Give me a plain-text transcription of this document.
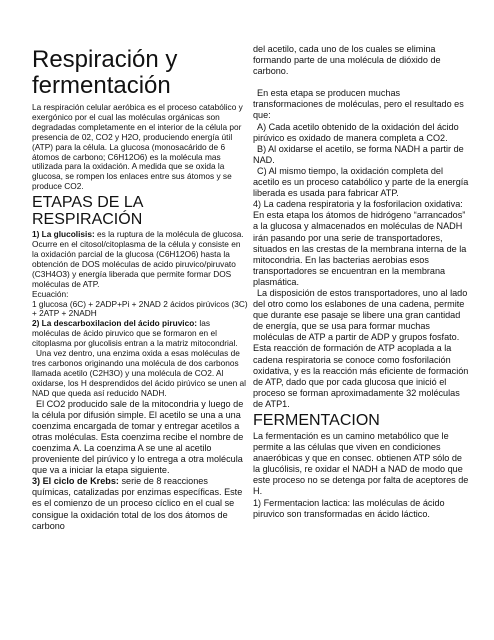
Respiración y fermentación

La respiración celular aeróbica es el proceso catabólico y exergónico por el cual las moléculas orgánicas son degradadas completamente en el interior de la célula por presencia de 02, CO2 y H2O, produciendo energía útil (ATP) para la célula. La glucosa (monosacárido de 6 átomos de carbono; C6H12O6) es la molécula mas utilizada para la oxidación. A medida que se oxida la glucosa, se rompen los enlaces entre sus átomos y se produce CO2.

ETAPAS DE LA RESPIRACIÓN

1) La glucolisis: es la ruptura de la molécula de glucosa. Ocurre en el citosol/citoplasma de la célula y consiste en la oxidación parcial de la glucosa (C6H12O6) hasta la obtención de DOS moléculas de acido piruvico/piruvato (C3H4O3) y energía liberada que permite formar DOS moléculas de ATP.

Ecuación:

1 glucosa (6C) + 2ADP+Pi + 2NAD 2 ácidos pirúvicos (3C) + 2ATP + 2NADH

2) La descarboxilacion del ácido piruvico: las moléculas de ácido piruvico que se formaron en el citoplasma por glucolisis entran a la matriz mitocondrial.

Una vez dentro, una enzima oxida a esas moléculas de tres carbonos originando una molécula de dos carbonos llamada acetilo (C2H3O) y una molécula de CO2. Al oxidarse, los H desprendidos del ácido pirúvico se unen al NAD que queda así reducido NADH.

El CO2 producido sale de la mitocondria y luego de la célula por difusión simple. El acetilo se una a una coenzima encargada de tomar y entregar acetilos a otras moléculas. Esta coenzima recibe el nombre de coenzima A. La coenzima A se une al acetilo proveniente del pirúvico y lo entrega a otra molécula que va a iniciar la etapa siguiente.

3) El ciclo de Krebs: serie de 8 reacciones químicas, catalizadas por enzimas específicas. Este es el comienzo de un proceso cíclico en el cual se consigue la oxidación total de los dos átomos de carbono

del acetilo, cada uno de los cuales se elimina formando parte de una molécula de dióxido de carbono.

En esta etapa se producen muchas transformaciones de moléculas, pero el resultado es que:

A) Cada acetilo obtenido de la oxidación del ácido pirúvico es oxidado de manera completa a CO2.

B) Al oxidarse el acetilo, se forma NADH a partir de NAD.

C) Al mismo tiempo, la oxidación completa del acetilo es un proceso catabólico y parte de la energía liberada es usada para fabricar ATP.

4) La cadena respiratoria y la fosforilacion oxidativa: En esta etapa los átomos de hidrógeno “arrancados” a la glucosa y almacenados en moléculas de NADH irán pasando por una serie de transportadores, situados en las crestas de la membrana interna de la mitocondria. En las bacterias aerobias esos transportadores se encuentran en la membrana plasmática.

La disposición de estos transportadores, uno al lado del otro como los eslabones de una cadena, permite que durante ese pasaje se libere una gran cantidad de energía, que se usa para formar muchas moléculas de ATP a partir de ADP y grupos fosfato. Esta reacción de formación de ATP acoplada a la cadena respiratoria se conoce como fosforilación oxidativa, y es la reacción más eficiente de formación de ATP, dado que por cada glucosa que inició el proceso se forman aproximadamente 32 moléculas de ATP1.

FERMENTACION

La fermentación es un camino metabólico que le permite a las células que viven en condiciones anaeróbicas y que en consec. obtienen ATP sólo de la glucólisis, re oxidar el NADH a NAD de modo que este proceso no se detenga por falta de aceptores de H.

1) Fermentacion lactica: las moléculas de ácido piruvico son transformadas en ácido láctico.
